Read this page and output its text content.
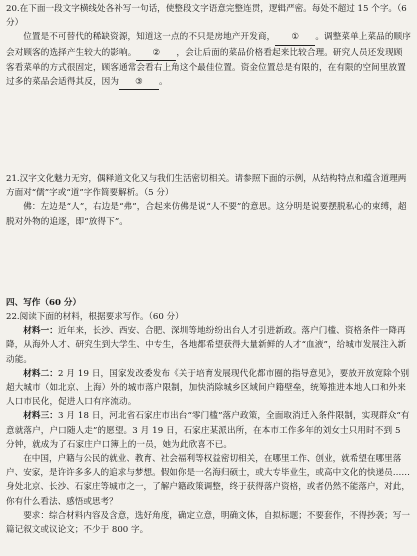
20.在下面一段文字横线处各补写一句话，使整段文字语意完整连贯，逻辑严密。每处不超过 15 个字。（6 分）

位置是不可替代的稀缺资源，知道这一点的不只是房地产开发商， ① 。调整菜单上菜品的顺序会对顾客的选择产生较大的影响。 ② ，会让后面的菜品价格看起来比较合理。研究人员还发现顾客看菜单的方式很固定，顾客通常会看右上角这个最佳位置。资金位置总是有限的，在有限的空间里放置过多的菜品会适得其反，因为 ③ 。

21.汉字文化魅力无穷，偶释道文化又与我们生活密切相关。请参照下面的示例，从结构特点和蕴含道理两方面对“儒”字或“道”字作简要解析。（5 分）

佛：左边是“人”，右边是“弗”，合起来仿佛是说“人不要”的意思。这分明是说要摆脱私心的束缚，超脱对外物的追逐，即“放得下”。

四、写作（60 分）

22.阅读下面的材料，根据要求写作。（60 分）

材料一：近年来，长沙、西安、合肥、深圳等地纷纷出台人才引进新政。落户门槛、资格条件一降再降，从海外人才、研究生到大学生、中专生，各地都希望获得大量新鲜的人才“血液”，给城市发展注入新动能。

材料二：2 月 19 日，国家发改委发布《关于培育发展现代化都市圈的指导意见》，要放开放宽除个别超大城市（如北京、上海）外的城市落户限制，加快消除城乡区域间户籍壁垒，统筹推进本地人口和外来人口市民化，促进人口有序流动。

材料三：3 月 18 日，河北省石家庄市出台“零门槛”落户政策，全面取消迁入条件限制，实现群众“有意就落户，户口随人走”的愿望。3 月 19 日，石家庄某派出所，在本市工作多年的刘女士只用时不到 5 分钟，就成为了石家庄户口簿上的一员，她为此欣喜不已。

在中国，户籍与公民的就业、教育、社会福利等权益密切相关，在哪里工作、创业，就希望在哪里落户、安家，是许许多多人的追求与梦想。假如你是一名海归硕士，或大专毕业生，或高中文化的快递员……身处北京、长沙、石家庄等城市之一，了解户籍政策调整，终于获得落户资格，或者仍然不能落户，对此，你有什么看法、感悟或思考？

要求：综合材料内容及含意，选好角度，确定立意，明确文体，自拟标题；不要套作，不得抄袭；写一篇记叙文或议论文；不少于 800 字。
